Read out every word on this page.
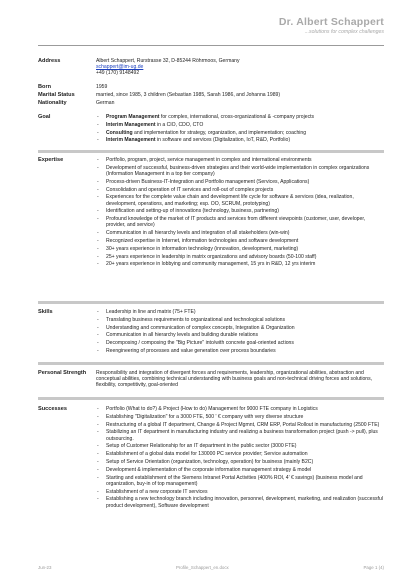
Dr. Albert Schappert
...solutions for complex challenges
Address	Albert Schappert, Rurstrasse 32, D-85244 Röhrmoos, Germany
schappert@im-ug.de
+49 (170) 9148492
Born	1959
Marital Status	married, since 1985, 3 children (Sebastian 1985, Sarah 1986, and Johanna 1989)
Nationality	German
Goal	- Program Management for complex, international, cross-organizational & -company projects
- Interim Management in a CIO, CDO, CTO
- Consulting and implementation for strategy, organization, and implementation; coaching
- Interim Management in software and services (Digitalization, IoT, R&D, Portfolio)
Expertise	- Portfolio, program, project, service management in complex and international environments
- Development of successful, business-driven strategies and their world-wide implementation in complex organizations (Information Management in a top tier company)
- Process-driven Business-IT-Integration and Portfolio management (Services, Applications)
- Consolidation and operation of IT services and roll-out of complex projects
- Experiences for the complete value chain and development life cycle for software & services (idea, realization, development, operations, and marketing; esp. OO, SCRUM, prototyping)
- Identification and setting-up of innovations (technology, business, partnering)
- Profound knowledge of the market of IT products and services from different viewpoints (customer, user, developer, provider, and service)
- Communication in all hierarchy levels and integration of all stakeholders (win-win)
- Recognized expertise in Internet, information technologies and software development
- 30+ years experience in information technology (innovation, development, marketing)
- 25+ years experience in leadership in matrix organizations and advisory boards (50-100 staff)
- 20+ years experience in lobbying and community management, 15 yrs in R&D, 12 yrs interim
Skills	- Leadership in line and matrix (75+ FTE)
- Translating business requirements to organizational and technological solutions
- Understanding and communication of complex concepts, Integration & Organization
- Communication in all hierarchy levels and building durable relations
- Decomposing / composing the "Big Picture" into/with concrete goal-oriented actions
- Reengineering of processes and value generation over process boundaries
Personal Strength	Responsibility and integration of divergent forces and requirements, leadership, organizational abilities, abstraction and conceptual abilities, combining technical understanding with business goals and non-technical driving forces and solutions, flexibility, competitivity, goal-oriented
Successes	- Portfolio (What to do?) & Project (How to do) Management for 9000 FTE company in Logistics
- Establishing "Digitalization" for a 3000 FTE, 500 ' € company with very diverse structure
- Restructuring of a global IT department, Change & Project Mgmnt, CRM ERP, Portal Rollout in manufacturing (2500 FTE)
- Stabilizing an IT department in manufacturing industry and realizing a business transformation project (push -> pull), plus outsourcing.
- Setup of Customer Relationship for an IT department in the public sector (3000 FTE)
- Establishment of a global data model for 130000 PC service provider; Service automation
- Setup of Service Orientation (organization, technology, operation) for business (mainly B2C)
- Development & implementation of the corporate information management strategy & model
- Starting and establishment of the Siemens Intranet Portal Activities (400% ROI, 4' € savings) (business model and organization, buy-in of top management)
- Establishment of a new corporate IT services
- Establishing a new technology branch including innovation, personnel, development, marketing, and realization (successful product development), Software development
Jun-23	Profile_Schappert_en.docx	Page 1 (4)
